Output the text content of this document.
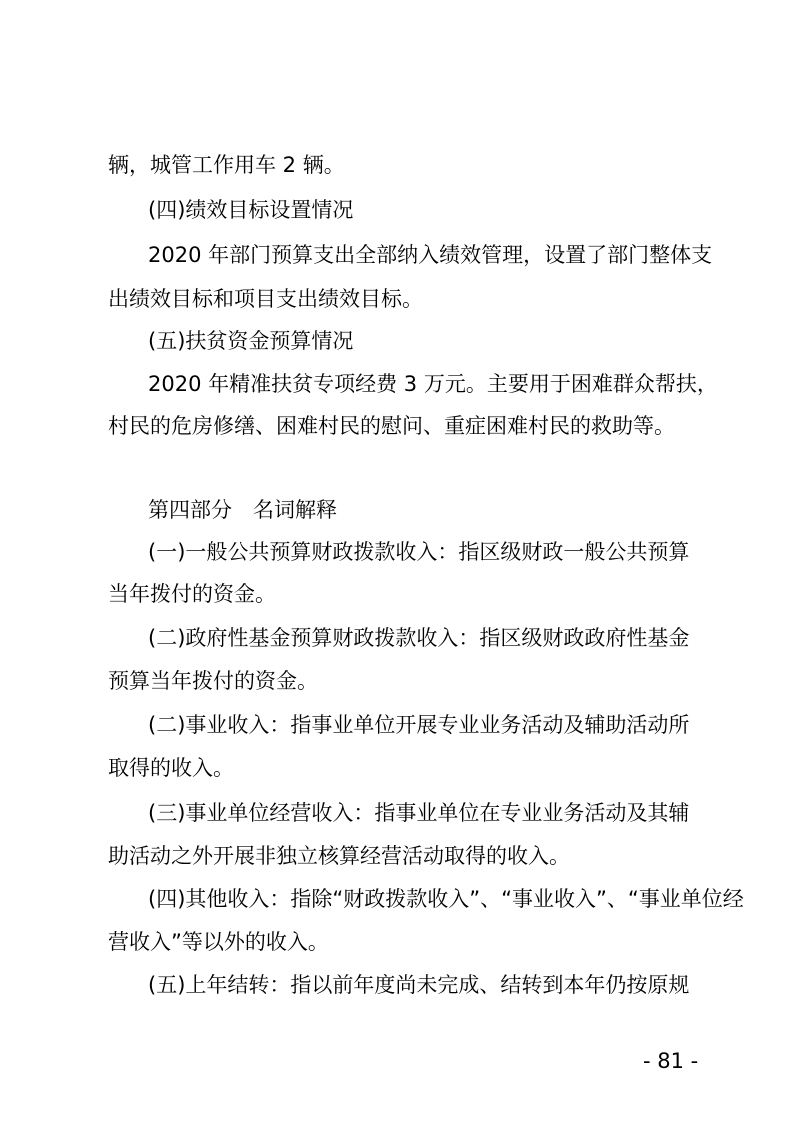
辆，城管工作用车 2 辆。
(四)绩效目标设置情况
2020 年部门预算支出全部纳入绩效管理，设置了部门整体支
出绩效目标和项目支出绩效目标。
(五)扶贫资金预算情况
2020 年精准扶贫专项经费 3 万元。主要用于困难群众帮扶，
村民的危房修缮、困难村民的慰问、重症困难村民的救助等。
第四部分　名词解释
(一)一般公共预算财政拨款收入：指区级财政一般公共预算
当年拨付的资金。
(二)政府性基金预算财政拨款收入：指区级财政政府性基金
预算当年拨付的资金。
(二)事业收入：指事业单位开展专业业务活动及辅助活动所
取得的收入。
(三)事业单位经营收入：指事业单位在专业业务活动及其辅
助活动之外开展非独立核算经营活动取得的收入。
(四)其他收入：指除“财政拨款收入”、“事业收入”、“事业单位经
营收入”等以外的收入。
(五)上年结转：指以前年度尚未完成、结转到本年仍按原规
- 81 -
